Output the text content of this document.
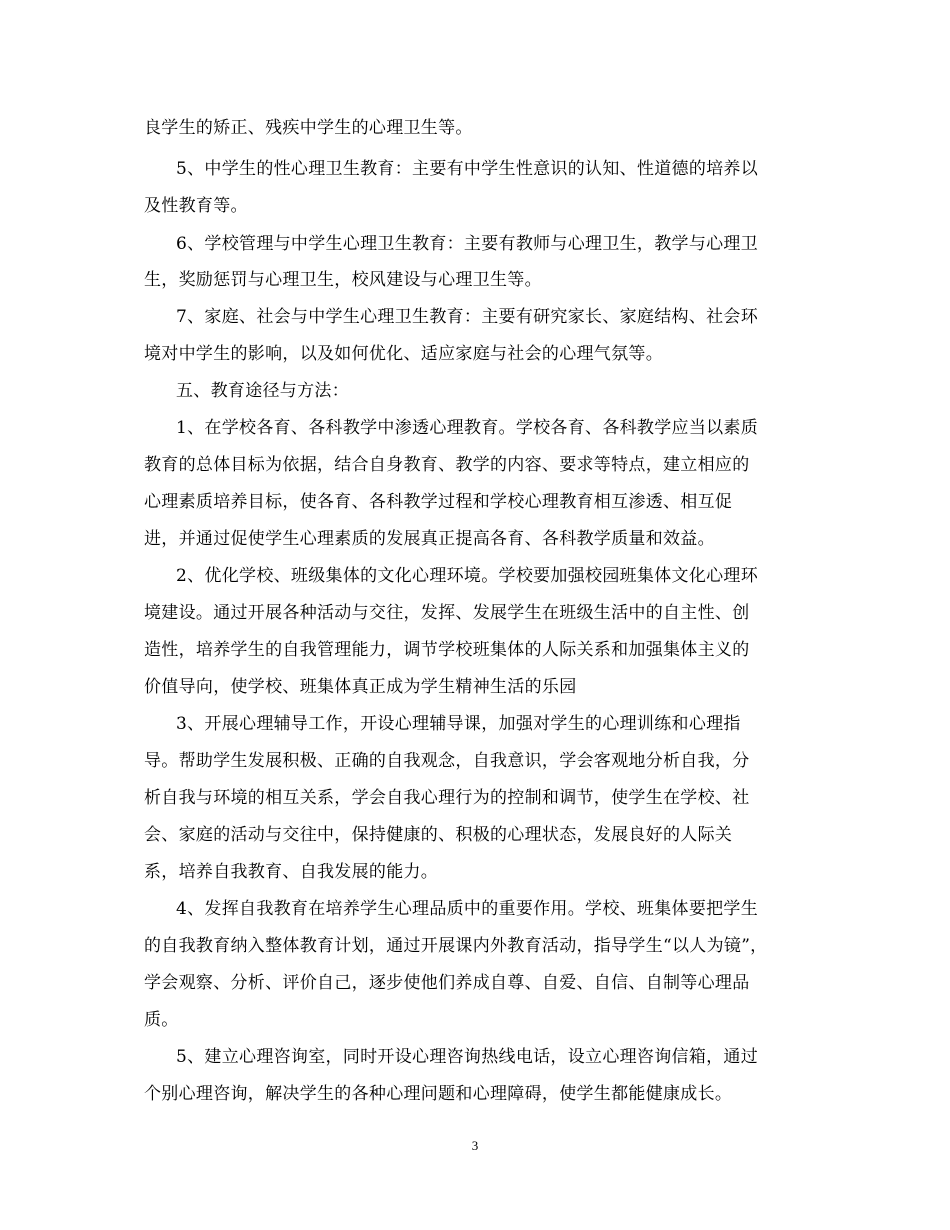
良学生的矫正、残疾中学生的心理卫生等。
5、中学生的性心理卫生教育：主要有中学生性意识的认知、性道德的培养以
及性教育等。
6、学校管理与中学生心理卫生教育：主要有教师与心理卫生，教学与心理卫
生，奖励惩罚与心理卫生，校风建设与心理卫生等。
7、家庭、社会与中学生心理卫生教育：主要有研究家长、家庭结构、社会环
境对中学生的影响，以及如何优化、适应家庭与社会的心理气氛等。
五、教育途径与方法：
1、在学校各育、各科教学中渗透心理教育。学校各育、各科教学应当以素质
教育的总体目标为依据，结合自身教育、教学的内容、要求等特点，建立相应的
心理素质培养目标，使各育、各科教学过程和学校心理教育相互渗透、相互促
进，并通过促使学生心理素质的发展真正提高各育、各科教学质量和效益。
2、优化学校、班级集体的文化心理环境。学校要加强校园班集体文化心理环
境建设。通过开展各种活动与交往，发挥、发展学生在班级生活中的自主性、创
造性，培养学生的自我管理能力，调节学校班集体的人际关系和加强集体主义的
价值导向，使学校、班集体真正成为学生精神生活的乐园
3、开展心理辅导工作，开设心理辅导课，加强对学生的心理训练和心理指
导。帮助学生发展积极、正确的自我观念，自我意识，学会客观地分析自我，分
析自我与环境的相互关系，学会自我心理行为的控制和调节，使学生在学校、社
会、家庭的活动与交往中，保持健康的、积极的心理状态，发展良好的人际关
系，培养自我教育、自我发展的能力。
4、发挥自我教育在培养学生心理品质中的重要作用。学校、班集体要把学生
的自我教育纳入整体教育计划，通过开展课内外教育活动，指导学生“以人为镜”，
学会观察、分析、评价自己，逐步使他们养成自尊、自爱、自信、自制等心理品
质。
5、建立心理咨询室，同时开设心理咨询热线电话，设立心理咨询信箱，通过
个别心理咨询，解决学生的各种心理问题和心理障碍，使学生都能健康成长。
3
